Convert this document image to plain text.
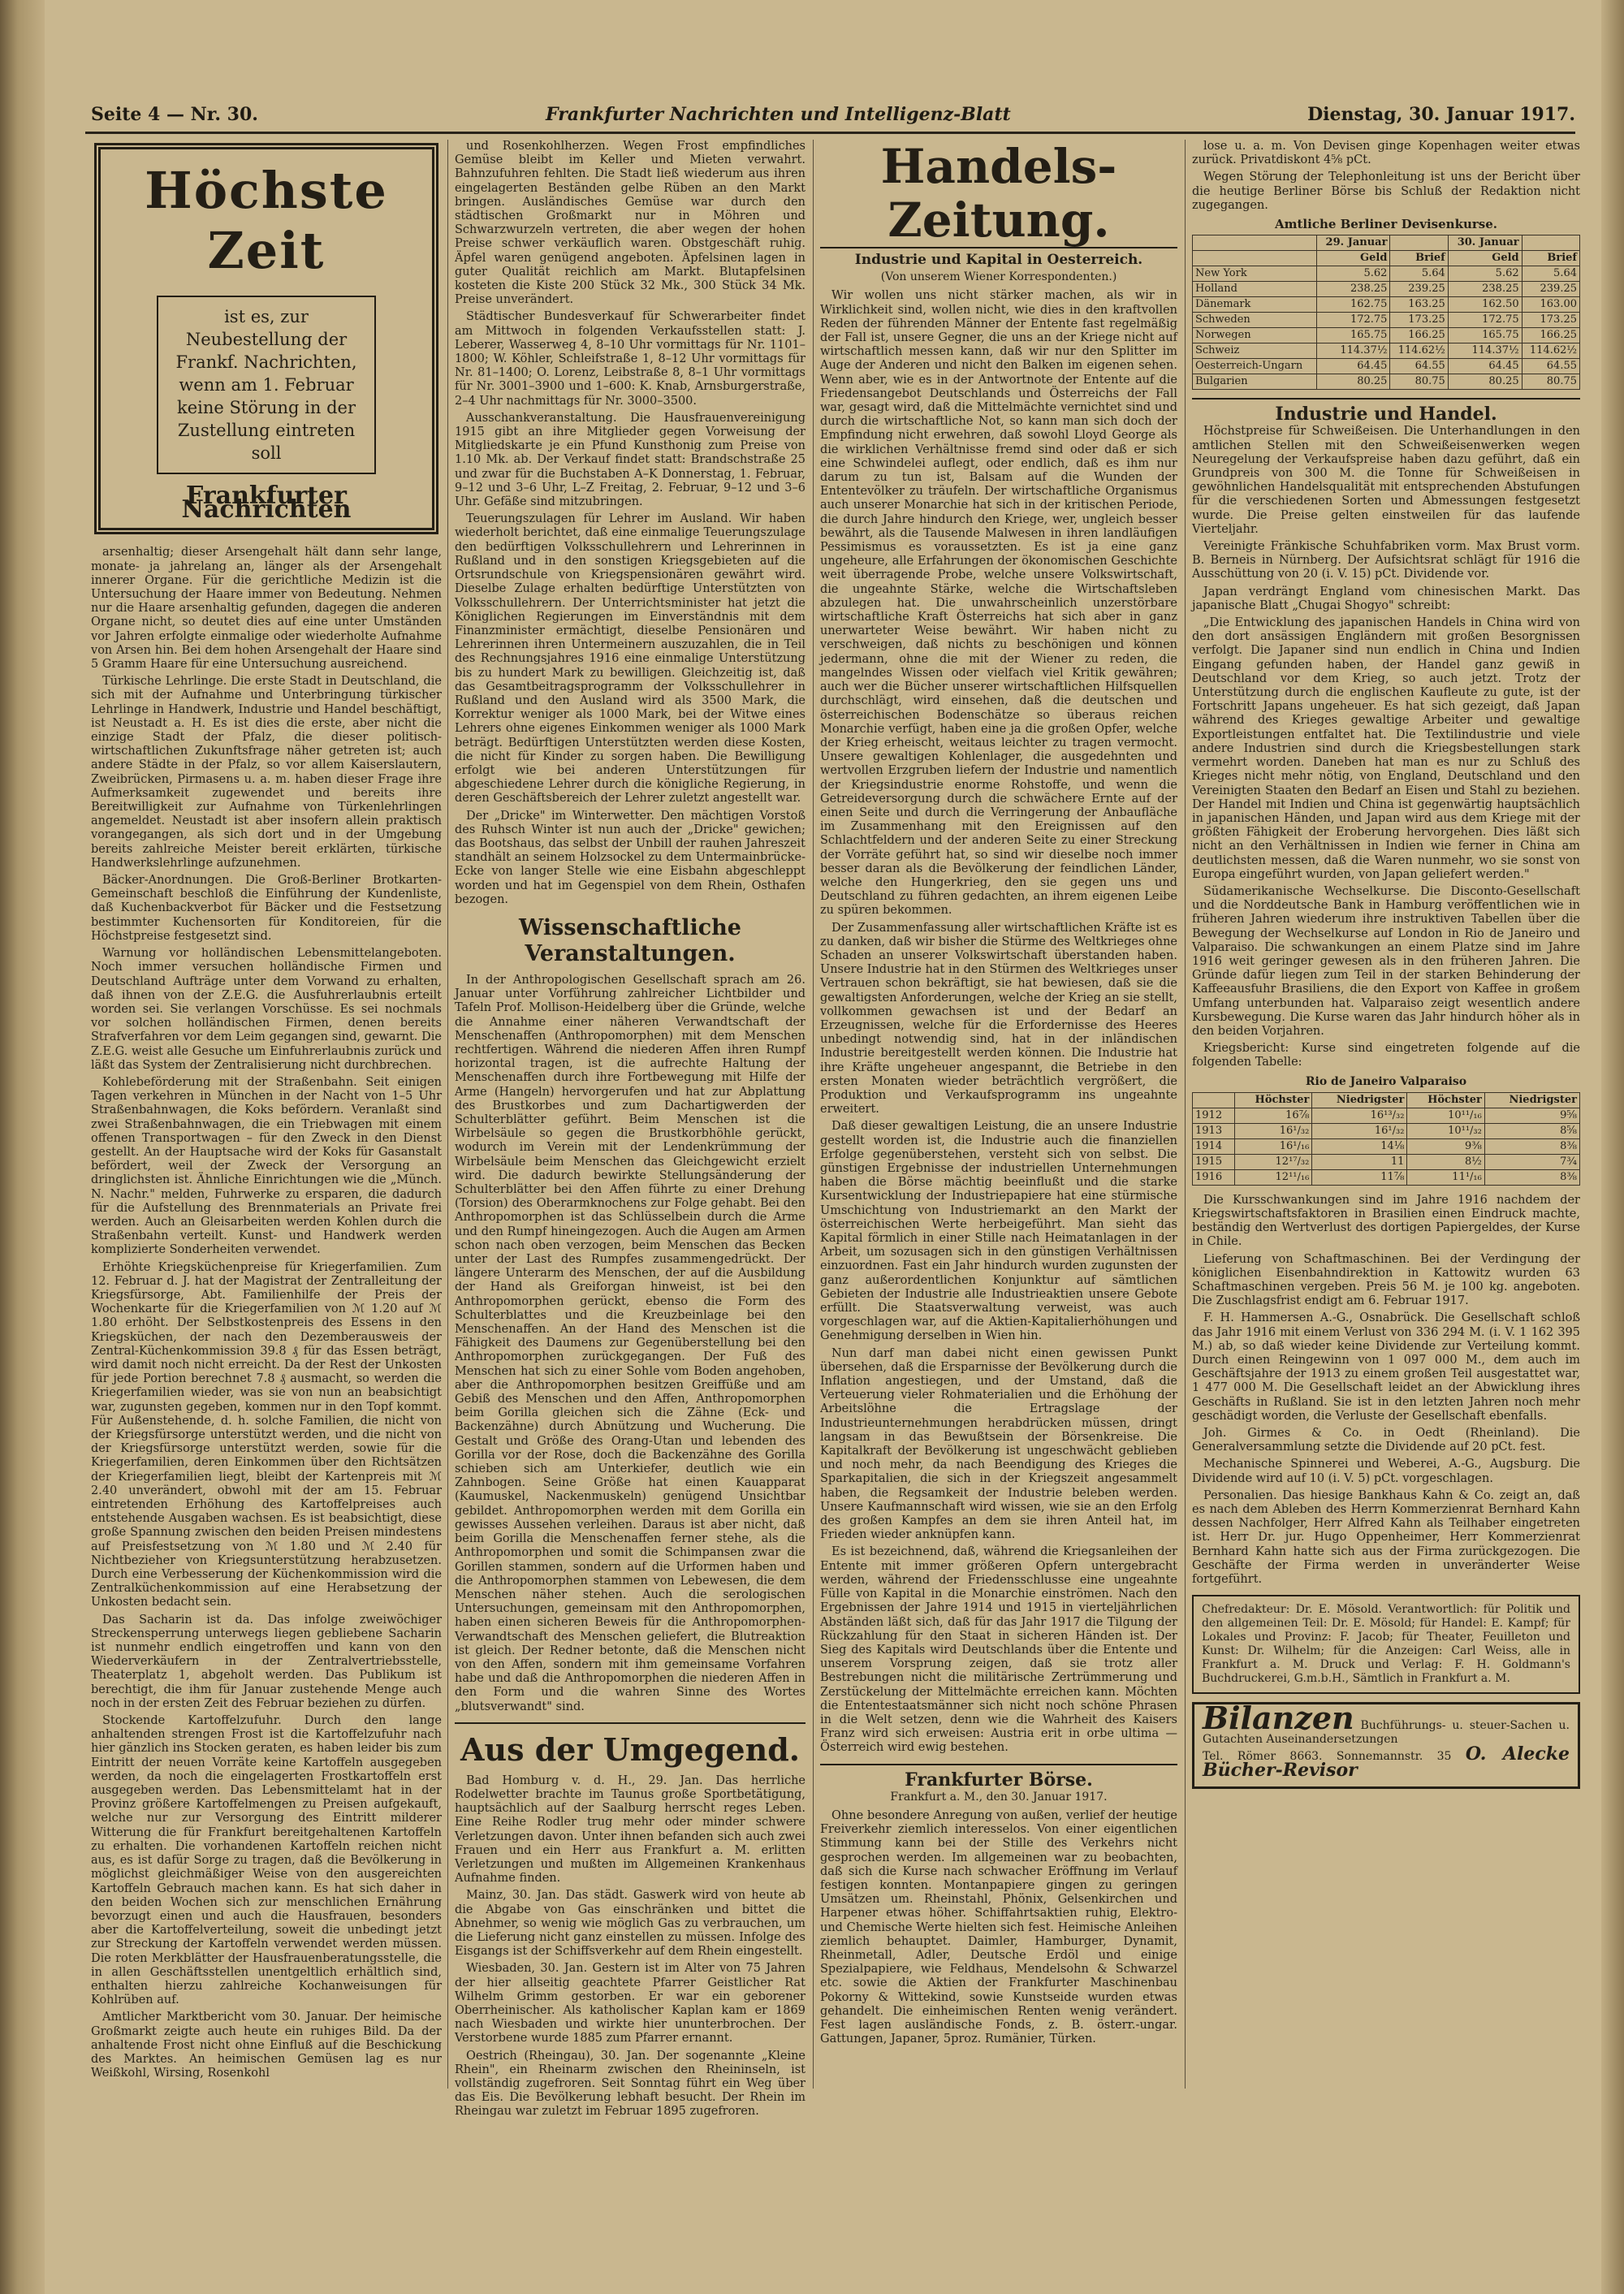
Seite 4 — Nr. 30.	Frankfurter Nachrichten und Intelligenz-Blatt	Dienstag, 30. Januar 1917.
Höchste Zeit
ist es, zur Neubestellung der Frankf. Nachrichten, wenn am 1. Februar keine Störung in der Zustellung eintreten soll
Frankfurter Nachrichten

arsenhaltig; dieser Arsengehalt hält dann sehr lange, monate- ja jahrelang an, länger als der Arsengehalt innerer Organe. Für die gerichtliche Medizin ist die Untersuchung der Haare immer von Bedeutung. Nehmen nur die Haare arsenhaltig gefunden, dagegen die anderen Organe nicht, so deutet dies auf eine unter Umständen vor Jahren erfolgte einmalige oder wiederholte Aufnahme von Arsen hin. Bei dem hohen Arsengehalt der Haare sind 5 Gramm Haare für eine Untersuchung ausreichend.

Türkische Lehrlinge. Die erste Stadt in Deutschland, die sich mit der Aufnahme und Unterbringung türkischer Lehrlinge in Handwerk, Industrie und Handel beschäftigt, ist Neustadt a. H. Es ist dies die erste, aber nicht die einzige Stadt der Pfalz, die dieser politisch-wirtschaftlichen Zukunftsfrage näher getreten ist; auch andere Städte in der Pfalz, so vor allem Kaiserslautern, Zweibrücken, Pirmasens u. a. m. haben dieser Frage ihre Aufmerksamkeit zugewendet und bereits ihre Bereitwilligkeit zur Aufnahme von Türkenlehrlingen angemeldet. Neustadt ist aber insofern allein praktisch vorangegangen, als sich dort und in der Umgebung bereits zahlreiche Meister bereit erklärten, türkische Handwerkslehrlinge aufzunehmen.

Bäcker-Anordnungen. Die Groß-Berliner Brotkarten-Gemeinschaft beschloß die Einführung der Kundenliste, daß Kuchenbackverbot für Bäcker und die Festsetzung bestimmter Kuchensorten für Konditoreien, für die Höchstpreise festgesetzt sind.

Warnung vor holländischen Lebensmittelangeboten. Noch immer versuchen holländische Firmen und Deutschland Aufträge unter dem Vorwand zu erhalten, daß ihnen von der Z.E.G. die Ausfuhrerlaubnis erteilt worden sei. Sie verlangen Vorschüsse. Es sei nochmals vor solchen holländischen Firmen, denen bereits Strafverfahren vor dem Leim gegangen sind, gewarnt. Die Z.E.G. weist alle Gesuche um Einfuhrerlaubnis zurück und läßt das System der Zentralisierung nicht durchbrechen.

Kohlebeförderung mit der Straßenbahn. Seit einigen Tagen verkehren in München in der Nacht von 1–5 Uhr Straßenbahnwagen, die Koks befördern. Veranlaßt sind zwei Straßenbahnwagen, die ein Triebwagen mit einem offenen Transportwagen – für den Zweck in den Dienst gestellt. An der Hauptsache wird der Koks für Gasanstalt befördert, weil der Zweck der Versorgung an dringlichsten ist. Ähnliche Einrichtungen wie die „Münch. N. Nachr." melden, Fuhrwerke zu ersparen, die dadurch für die Aufstellung des Brennmaterials an Private frei werden. Auch an Gleisarbeiten werden Kohlen durch die Straßenbahn verteilt. Kunst- und Handwerk werden komplizierte Sonderheiten verwendet.

Erhöhte Kriegsküchenpreise für Kriegerfamilien. Zum 12. Februar d. J. hat der Magistrat der Zentralleitung der Kriegsfürsorge, Abt. Familienhilfe der Preis der Wochenkarte für die Kriegerfamilien von ℳ 1.20 auf ℳ 1.80 erhöht. Der Selbstkostenpreis des Essens in den Kriegsküchen, der nach den Dezemberausweis der Zentral-Küchenkommission 39.8 ₰ für das Essen beträgt, wird damit noch nicht erreicht. Da der Rest der Unkosten für jede Portion berechnet 7.8 ₰ ausmacht, so werden die Kriegerfamilien wieder, was sie von nun an beabsichtigt war, zugunsten gegeben, kommen nur in den Topf kommt. Für Außenstehende, d. h. solche Familien, die nicht von der Kriegsfürsorge unterstützt werden, und die nicht von der Kriegsfürsorge unterstützt werden, sowie für die Kriegerfamilien, deren Einkommen über den Richtsätzen der Kriegerfamilien liegt, bleibt der Kartenpreis mit ℳ 2.40 unverändert, obwohl mit der am 15. Februar eintretenden Erhöhung des Kartoffelpreises auch entstehende Ausgaben wachsen. Es ist beabsichtigt, diese große Spannung zwischen den beiden Preisen mindestens auf Preisfestsetzung von ℳ 1.80 und ℳ 2.40 für Nichtbezieher von Kriegsunterstützung herabzusetzen. Durch eine Verbesserung der Küchenkommission wird die Zentralküchenkommission auf eine Herabsetzung der Unkosten bedacht sein.

Das Sacharin ist da. Das infolge zweiwöchiger Streckensperrung unterwegs liegen gebliebene Sacharin ist nunmehr endlich eingetroffen und kann von den Wiederverkäufern in der Zentralvertriebsstelle, Theaterplatz 1, abgeholt werden. Das Publikum ist berechtigt, die ihm für Januar zustehende Menge auch noch in der ersten Zeit des Februar beziehen zu dürfen.

Stockende Kartoffelzufuhr. Durch den lange anhaltenden strengen Frost ist die Kartoffelzufuhr nach hier gänzlich ins Stocken geraten, es haben leider bis zum Eintritt der neuen Vorräte keine Kartoffeln ausgegeben werden, da noch die eingelagerten Frostkartoffeln erst ausgegeben werden. Das Lebensmittelamt hat in der Provinz größere Kartoffelmengen zu Preisen aufgekauft, welche nur zur Versorgung des Eintritt milderer Witterung die für Frankfurt bereitgehaltenen Kartoffeln zu erhalten. Die vorhandenen Kartoffeln reichen nicht aus, es ist dafür Sorge zu tragen, daß die Bevölkerung in möglichst gleichmäßiger Weise von den ausgereichten Kartoffeln Gebrauch machen kann. Es hat sich daher in den beiden Wochen sich zur menschlichen Ernährung bevorzugt einen und auch die Hausfrauen, besonders aber die Kartoffelverteilung, soweit die unbedingt jetzt zur Streckung der Kartoffeln verwendet werden müssen. Die roten Merkblätter der Hausfrauenberatungsstelle, die in allen Geschäftsstellen unentgeltlich erhältlich sind, enthalten hierzu zahlreiche Kochanweisungen für Kohlrüben auf.

Amtlicher Marktbericht vom 30. Januar. Der heimische Großmarkt zeigte auch heute ein ruhiges Bild. Da der anhaltende Frost nicht ohne Einfluß auf die Beschickung des Marktes. An heimischen Gemüsen lag es nur Weißkohl, Wirsing, Rosenkohl

und Rosenkohlherzen. Wegen Frost empfindliches Gemüse bleibt im Keller und Mieten verwahrt. Bahnzufuhren fehlten. Die Stadt ließ wiederum aus ihren eingelagerten Beständen gelbe Rüben an den Markt bringen. Ausländisches Gemüse war durch den städtischen Großmarkt nur in Möhren und Schwarzwurzeln vertreten, die aber wegen der hohen Preise schwer verkäuflich waren. Obstgeschäft ruhig. Äpfel waren genügend angeboten. Äpfelsinen lagen in guter Qualität reichlich am Markt. Blutapfelsinen kosteten die Kiste 200 Stück 32 Mk., 300 Stück 34 Mk. Preise unverändert.

Städtischer Bundesverkauf für Schwerarbeiter findet am Mittwoch in folgenden Verkaufsstellen statt: J. Leberer, Wasserweg 4, 8–10 Uhr vormittags für Nr. 1101–1800; W. Köhler, Schleifstraße 1, 8–12 Uhr vormittags für Nr. 81–1400; O. Lorenz, Leibstraße 8, 8–1 Uhr vormittags für Nr. 3001–3900 und 1–600: K. Knab, Arnsburgerstraße, 2–4 Uhr nachmittags für Nr. 3000–3500.

Ausschankveranstaltung. Die Hausfrauenvereinigung 1915 gibt an ihre Mitglieder gegen Vorweisung der Mitgliedskarte je ein Pfund Kunsthonig zum Preise von 1.10 Mk. ab. Der Verkauf findet statt: Brandschstraße 25 und zwar für die Buchstaben A–K Donnerstag, 1. Februar, 9–12 und 3–6 Uhr, L–Z Freitag, 2. Februar, 9–12 und 3–6 Uhr. Gefäße sind mitzubringen.

Teuerungszulagen für Lehrer im Ausland. Wir haben wiederholt berichtet, daß eine einmalige Teuerungszulage den bedürftigen Volksschullehrern und Lehrerinnen in Rußland und in den sonstigen Kriegsgebieten auf die Ortsrundschule von Kriegspensionären gewährt wird. Dieselbe Zulage erhalten bedürftige Unterstützten von Volksschullehrern. Der Unterrichtsminister hat jetzt die Königlichen Regierungen im Einverständnis mit dem Finanzminister ermächtigt, dieselbe Pensionären und Lehrerinnen ihren Untermeinern auszuzahlen, die in Teil des Rechnungsjahres 1916 eine einmalige Unterstützung bis zu hundert Mark zu bewilligen. Gleichzeitig ist, daß das Gesamtbeitragsprogramm der Volksschullehrer in Rußland und den Ausland wird als 3500 Mark, die Korrektur weniger als 1000 Mark, bei der Witwe eines Lehrers ohne eigenes Einkommen weniger als 1000 Mark beträgt. Bedürftigen Unterstützten werden diese Kosten, die nicht für Kinder zu sorgen haben. Die Bewilligung erfolgt wie bei anderen Unterstützungen für abgeschiedene Lehrer durch die königliche Regierung, in deren Geschäftsbereich der Lehrer zuletzt angestellt war.

Der „Dricke" im Winterwetter. Den mächtigen Vorstoß des Ruhsch Winter ist nun auch der „Dricke" gewichen; das Bootshaus, das selbst der Unbill der rauhen Jahreszeit standhält an seinem Holzsockel zu dem Untermainbrücke-Ecke von langer Stelle wie eine Eisbahn abgeschleppt worden und hat im Gegenspiel von dem Rhein, Osthafen bezogen.

Wissenschaftliche Veranstaltungen.

In der Anthropologischen Gesellschaft sprach am 26. Januar unter Vorführung zahlreicher Lichtbilder und Tafeln Prof. Mollison-Heidelberg über die Gründe, welche die Annahme einer näheren Verwandtschaft der Menschenaffen (Anthropomorphen) mit dem Menschen rechtfertigen. Während die niederen Affen ihren Rumpf horizontal tragen, ist die aufrechte Haltung der Menschenaffen durch ihre Fortbewegung mit Hilfe der Arme (Hangeln) hervorgerufen und hat zur Abplattung des Brustkorbes und zum Dachartigwerden der Schulterblätter geführt. Beim Menschen ist die Wirbelsäule so gegen die Brustkorbhöhle gerückt, wodurch im Verein mit der Lendenkrümmung der Wirbelsäule beim Menschen das Gleichgewicht erzielt wird. Die dadurch bewirkte Stellungsänderung der Schulterblätter bei den Affen führte zu einer Drehung (Torsion) des Oberarmknochens zur Folge gehabt. Bei den Anthropomorphen ist das Schlüsselbein durch die Arme und den Rumpf hineingezogen. Auch die Augen am Armen schon nach oben verzogen, beim Menschen das Becken unter der Last des Rumpfes zusammengedrückt. Der längere Unterarm des Menschen, der auf die Ausbildung der Hand als Greiforgan hinweist, ist bei den Anthropomorphen gerückt, ebenso die Form des Schulterblattes und die Kreuzbeinlage bei den Menschenaffen. An der Hand des Menschen ist die Fähigkeit des Daumens zur Gegenüberstellung bei den Anthropomorphen zurückgegangen. Der Fuß des Menschen hat sich zu einer Sohle vom Boden angehoben, aber die Anthropomorphen besitzen Greiffüße und am Gebiß des Menschen und den Affen, Anthropomorphen beim Gorilla gleichen sich die Zähne (Eck- und Backenzähne) durch Abnützung und Wucherung. Die Gestalt und Größe des Orang-Utan und lebenden des Gorilla vor der Rose, doch die Backenzähne des Gorilla schieben sich am Unterkiefer, deutlich wie ein Zahnbogen. Seine Größe hat einen Kauapparat (Kaumuskel, Nackenmuskeln) genügend Unsichtbar gebildet. Anthropomorphen werden mit dem Gorilla ein gewisses Aussehen verleihen. Daraus ist aber nicht, daß beim Gorilla die Menschenaffen ferner stehe, als die Anthropomorphen und somit die Schimpansen zwar die Gorillen stammen, sondern auf die Urformen haben und die Anthropomorphen stammen von Lebewesen, die dem Menschen näher stehen. Auch die serologischen Untersuchungen, gemeinsam mit den Anthropomorphen, haben einen sicheren Beweis für die Anthropomorphen-Verwandtschaft des Menschen geliefert, die Blutreaktion ist gleich. Der Redner betonte, daß die Menschen nicht von den Affen, sondern mit ihm gemeinsame Vorfahren habe und daß die Anthropomorphen die niederen Affen in den Form und die wahren Sinne des Wortes „blutsverwandt" sind.

Aus der Umgegend.

Bad Homburg v. d. H., 29. Jan. Das herrliche Rodelwetter brachte im Taunus große Sportbetätigung, hauptsächlich auf der Saalburg herrscht reges Leben. Eine Reihe Rodler trug mehr oder minder schwere Verletzungen davon. Unter ihnen befanden sich auch zwei Frauen und ein Herr aus Frankfurt a. M. erlitten Verletzungen und mußten im Allgemeinen Krankenhaus Aufnahme finden.

Mainz, 30. Jan. Das städt. Gaswerk wird von heute ab die Abgabe von Gas einschränken und bittet die Abnehmer, so wenig wie möglich Gas zu verbrauchen, um die Lieferung nicht ganz einstellen zu müssen. Infolge des Eisgangs ist der Schiffsverkehr auf dem Rhein eingestellt.

Wiesbaden, 30. Jan. Gestern ist im Alter von 75 Jahren der hier allseitig geachtete Pfarrer Geistlicher Rat Wilhelm Grimm gestorben. Er war ein geborener Oberrheinischer. Als katholischer Kaplan kam er 1869 nach Wiesbaden und wirkte hier ununterbrochen. Der Verstorbene wurde 1885 zum Pfarrer ernannt.

Oestrich (Rheingau), 30. Jan. Der sogenannte „Kleine Rhein", ein Rheinarm zwischen den Rheininseln, ist vollständig zugefroren. Seit Sonntag führt ein Weg über das Eis. Die Bevölkerung lebhaft besucht. Der Rhein im Rheingau war zuletzt im Februar 1895 zugefroren.

Handels-Zeitung.
Industrie und Kapital in Oesterreich.
(Von unserem Wiener Korrespondenten.)

Wir wollen uns nicht stärker machen, als wir in Wirklichkeit sind, wollen nicht, wie dies in den kraftvollen Reden der führenden Männer der Entente fast regelmäßig der Fall ist, unsere Gegner, die uns an der Kriege nicht auf wirtschaftlich messen kann, daß wir nur den Splitter im Auge der Anderen und nicht den Balken im eigenen sehen. Wenn aber, wie es in der Antwortnote der Entente auf die Friedensangebot Deutschlands und Österreichs der Fall war, gesagt wird, daß die Mittelmächte vernichtet sind und durch die wirtschaftliche Not, so kann man sich doch der Empfindung nicht erwehren, daß sowohl Lloyd George als die wirklichen Verhältnisse fremd sind oder daß er sich eine Schwindelei auflegt, oder endlich, daß es ihm nur darum zu tun ist, Balsam auf die Wunden der Ententevölker zu träufeln. Der wirtschaftliche Organismus auch unserer Monarchie hat sich in der kritischen Periode, die durch Jahre hindurch den Kriege, wer, ungleich besser bewährt, als die Tausende Malwesen in ihren landläufigen Pessimismus es voraussetzten. Es ist ja eine ganz ungeheure, alle Erfahrungen der ökonomischen Geschichte weit überragende Probe, welche unsere Volkswirtschaft, die ungeahnte Stärke, welche die Wirtschaftsleben abzulegen hat. Die unwahrscheinlich unzerstörbare wirtschaftliche Kraft Österreichs hat sich aber in ganz unerwarteter Weise bewährt. Wir haben nicht zu verschweigen, daß nichts zu beschönigen und können jedermann, ohne die mit der Wiener zu reden, die mangelndes Wissen oder vielfach viel Kritik gewähren; auch wer die Bücher unserer wirtschaftlichen Hilfsquellen durchschlägt, wird einsehen, daß die deutschen und österreichischen Bodenschätze so überaus reichen Monarchie verfügt, haben eine ja die großen Opfer, welche der Krieg erheischt, weitaus leichter zu tragen vermocht. Unsere gewaltigen Kohlenlager, die ausgedehnten und wertvollen Erzgruben liefern der Industrie und namentlich der Kriegsindustrie enorme Rohstoffe, und wenn die Getreideversorgung durch die schwächere Ernte auf der einen Seite und durch die Verringerung der Anbaufläche im Zusammenhang mit den Ereignissen auf den Schlachtfeldern und der anderen Seite zu einer Streckung der Vorräte geführt hat, so sind wir dieselbe noch immer besser daran als die Bevölkerung der feindlichen Länder, welche den Hungerkrieg, den sie gegen uns und Deutschland zu führen gedachten, an ihrem eigenen Leibe zu spüren bekommen.

Der Zusammenfassung aller wirtschaftlichen Kräfte ist es zu danken, daß wir bisher die Stürme des Weltkrieges ohne Schaden an unserer Volkswirtschaft überstanden haben. Unsere Industrie hat in den Stürmen des Weltkrieges unser Vertrauen schon bekräftigt, sie hat bewiesen, daß sie die gewaltigsten Anforderungen, welche der Krieg an sie stellt, vollkommen gewachsen ist und der Bedarf an Erzeugnissen, welche für die Erfordernisse des Heeres unbedingt notwendig sind, hat in der inländischen Industrie bereitgestellt werden können. Die Industrie hat ihre Kräfte ungeheuer angespannt, die Betriebe in den ersten Monaten wieder beträchtlich vergrößert, die Produktion und Verkaufsprogramm ins ungeahnte erweitert.

Daß dieser gewaltigen Leistung, die an unsere Industrie gestellt worden ist, die Industrie auch die finanziellen Erfolge gegenüberstehen, versteht sich von selbst. Die günstigen Ergebnisse der industriellen Unternehmungen haben die Börse mächtig beeinflußt und die starke Kursentwicklung der Industriepapiere hat eine stürmische Umschichtung von Industriemarkt an den Markt der österreichischen Werte herbeigeführt. Man sieht das Kapital förmlich in einer Stille nach Heimatanlagen in der Arbeit, um sozusagen sich in den günstigen Verhältnissen einzuordnen. Fast ein Jahr hindurch wurden zugunsten der ganz außerordentlichen Konjunktur auf sämtlichen Gebieten der Industrie alle Industrieaktien unsere Gebote erfüllt. Die Staatsverwaltung verweist, was auch vorgeschlagen war, auf die Aktien-Kapitalierhöhungen und Genehmigung derselben in Wien hin.

Nun darf man dabei nicht einen gewissen Punkt übersehen, daß die Ersparnisse der Bevölkerung durch die Inflation angestiegen, und der Umstand, daß die Verteuerung vieler Rohmaterialien und die Erhöhung der Arbeitslöhne die Ertragslage der Industrieunternehmungen herabdrücken müssen, dringt langsam in das Bewußtsein der Börsenkreise. Die Kapitalkraft der Bevölkerung ist ungeschwächt geblieben und noch mehr, da nach Beendigung des Krieges die Sparkapitalien, die sich in der Kriegszeit angesammelt haben, die Regsamkeit der Industrie beleben werden. Unsere Kaufmannschaft wird wissen, wie sie an den Erfolg des großen Kampfes an dem sie ihren Anteil hat, im Frieden wieder anknüpfen kann.

Es ist bezeichnend, daß, während die Kriegsanleihen der Entente mit immer größeren Opfern untergebracht werden, während der Friedensschlusse eine ungeahnte Fülle von Kapital in die Monarchie einströmen. Nach den Ergebnissen der Jahre 1914 und 1915 in vierteljährlichen Abständen läßt sich, daß für das Jahr 1917 die Tilgung der Rückzahlung für den Staat in sicheren Händen ist. Der Sieg des Kapitals wird Deutschlands über die Entente und unserem Vorsprung zeigen, daß sie trotz aller Bestrebungen nicht die militärische Zertrümmerung und Zerstückelung der Mittelmächte erreichen kann. Möchten die Ententestaatsmänner sich nicht noch schöne Phrasen in die Welt setzen, denn wie die Wahrheit des Kaisers Franz wird sich erweisen: Austria erit in orbe ultima — Österreich wird ewig bestehen.

Frankfurter Börse.
Frankfurt a. M., den 30. Januar 1917.

Ohne besondere Anregung von außen, verlief der heutige Freiverkehr ziemlich interesselos. Von einer eigentlichen Stimmung kann bei der Stille des Verkehrs nicht gesprochen werden. Im allgemeinen war zu beobachten, daß sich die Kurse nach schwacher Eröffnung im Verlauf festigen konnten. Montanpapiere gingen zu geringen Umsätzen um. Rheinstahl, Phönix, Gelsenkirchen und Harpener etwas höher. Schiffahrtsaktien ruhig, Elektro- und Chemische Werte hielten sich fest. Heimische Anleihen ziemlich behauptet. Daimler, Hamburger, Dynamit, Rheinmetall, Adler, Deutsche Erdöl und einige Spezialpapiere, wie Feldhaus, Mendelsohn & Schwarzel etc. sowie die Aktien der Frankfurter Maschinenbau Pokorny & Wittekind, sowie Kunstseide wurden etwas gehandelt. Die einheimischen Renten wenig verändert. Fest lagen ausländische Fonds, z. B. österr.-ungar. Gattungen, Japaner, 5proz. Rumänier, Türken.

lose u. a. m. Von Devisen ginge Kopenhagen weiter etwas zurück. Privatdiskont 4⅝ pCt.

Wegen Störung der Telephonleitung ist uns der Bericht über die heutige Berliner Börse bis Schluß der Redaktion nicht zugegangen.

Amtliche Berliner Devisenkurse.
	29. Januar		30. Januar	
	Geld	Brief	Geld	Brief
New York	5.62	5.64	5.62	5.64
Holland	238.25	239.25	238.25	239.25
Dänemark	162.75	163.25	162.50	163.00
Schweden	172.75	173.25	172.75	173.25
Norwegen	165.75	166.25	165.75	166.25
Schweiz	114.37½	114.62½	114.37½	114.62½
Oesterreich-Ungarn	64.45	64.55	64.45	64.55
Bulgarien	80.25	80.75	80.25	80.75
Industrie und Handel.

Höchstpreise für Schweißeisen. Die Unterhandlungen in den amtlichen Stellen mit den Schweißeisenwerken wegen Neuregelung der Verkaufspreise haben dazu geführt, daß ein Grundpreis von 300 M. die Tonne für Schweißeisen in gewöhnlichen Handelsqualität mit entsprechenden Abstufungen für die verschiedenen Sorten und Abmessungen festgesetzt wurde. Die Preise gelten einstweilen für das laufende Vierteljahr.

Vereinigte Fränkische Schuhfabriken vorm. Max Brust vorm. B. Berneis in Nürnberg. Der Aufsichtsrat schlägt für 1916 die Ausschüttung von 20 (i. V. 15) pCt. Dividende vor.

Japan verdrängt England vom chinesischen Markt. Das japanische Blatt „Chugai Shogyo" schreibt:

„Die Entwicklung des japanischen Handels in China wird von den dort ansässigen Engländern mit großen Besorgnissen verfolgt. Die Japaner sind nun endlich in China und Indien Eingang gefunden haben, der Handel ganz gewiß in Deutschland vor dem Krieg, so auch jetzt. Trotz der Unterstützung durch die englischen Kaufleute zu gute, ist der Fortschritt Japans ungeheuer. Es hat sich gezeigt, daß Japan während des Krieges gewaltige Arbeiter und gewaltige Exportleistungen entfaltet hat. Die Textilindustrie und viele andere Industrien sind durch die Kriegsbestellungen stark vermehrt worden. Daneben hat man es nur zu Schluß des Krieges nicht mehr nötig, von England, Deutschland und den Vereinigten Staaten den Bedarf an Eisen und Stahl zu beziehen. Der Handel mit Indien und China ist gegenwärtig hauptsächlich in japanischen Händen, und Japan wird aus dem Kriege mit der größten Fähigkeit der Eroberung hervorgehen. Dies läßt sich nicht an den Verhältnissen in Indien wie ferner in China am deutlichsten messen, daß die Waren nunmehr, wo sie sonst von Europa eingeführt wurden, von Japan geliefert werden."

Südamerikanische Wechselkurse. Die Disconto-Gesellschaft und die Norddeutsche Bank in Hamburg veröffentlichen wie in früheren Jahren wiederum ihre instruktiven Tabellen über die Bewegung der Wechselkurse auf London in Rio de Janeiro und Valparaiso. Die schwankungen an einem Platze sind im Jahre 1916 weit geringer gewesen als in den früheren Jahren. Die Gründe dafür liegen zum Teil in der starken Behinderung der Kaffeeausfuhr Brasiliens, die den Export von Kaffee in großem Umfang unterbunden hat. Valparaiso zeigt wesentlich andere Kursbewegung. Die Kurse waren das Jahr hindurch höher als in den beiden Vorjahren.

Kriegsbericht: Kurse sind eingetreten folgende auf die folgenden Tabelle:

Rio de Janeiro Valparaiso
	Höchster	Niedrigster	Höchster	Niedrigster
1912	16⅞	16¹³/₃₂	10¹¹/₁₆	9⅝
1913	16¹/₃₂	16¹/₃₂	10¹¹/₃₂	8⅝
1914	16¹/₁₆	14⅛	9⅜	8⅜
1915	12¹⁷/₃₂	11	8½	7¾
1916	12¹¹/₁₆	11⅞	11¹/₁₆	8⅜

Die Kursschwankungen sind im Jahre 1916 nachdem der Kriegswirtschaftsfaktoren in Brasilien einen Eindruck machte, beständig den Wertverlust des dortigen Papiergeldes, der Kurse in Chile.

Lieferung von Schaftmaschinen. Bei der Verdingung der königlichen Eisenbahndirektion in Kattowitz wurden 63 Schaftmaschinen vergeben. Preis 56 M. je 100 kg. angeboten. Die Zuschlagsfrist endigt am 6. Februar 1917.

F. H. Hammersen A.-G., Osnabrück. Die Gesellschaft schloß das Jahr 1916 mit einem Verlust von 336 294 M. (i. V. 1 162 395 M.) ab, so daß wieder keine Dividende zur Verteilung kommt. Durch einen Reingewinn von 1 097 000 M., dem auch im Geschäftsjahre der 1913 zu einem großen Teil ausgestattet war, 1 477 000 M. Die Gesellschaft leidet an der Abwicklung ihres Geschäfts in Rußland. Sie ist in den letzten Jahren noch mehr geschädigt worden, die Verluste der Gesellschaft ebenfalls.

Joh. Girmes & Co. in Oedt (Rheinland). Die Generalversammlung setzte die Dividende auf 20 pCt. fest.

Mechanische Spinnerei und Weberei, A.-G., Augsburg. Die Dividende wird auf 10 (i. V. 5) pCt. vorgeschlagen.

Personalien. Das hiesige Bankhaus Kahn & Co. zeigt an, daß es nach dem Ableben des Herrn Kommerzienrat Bernhard Kahn dessen Nachfolger, Herr Alfred Kahn als Teilhaber eingetreten ist. Herr Dr. jur. Hugo Oppenheimer, Herr Kommerzienrat Bernhard Kahn hatte sich aus der Firma zurückgezogen. Die Geschäfte der Firma werden in unveränderter Weise fortgeführt.

Chefredakteur: Dr. E. Mösold. Verantwortlich: für Politik und den allgemeinen Teil: Dr. E. Mösold; für Handel: E. Kampf; für Lokales und Provinz: F. Jacob; für Theater, Feuilleton und Kunst: Dr. Wilhelm; für die Anzeigen: Carl Weiss, alle in Frankfurt a. M. Druck und Verlag: F. H. Goldmann's Buchdruckerei, G.m.b.H., Sämtlich in Frankfurt a. M.
Bilanzen Buchführungs- u. steuer-Sachen u. Gutachten Auseinandersetzungen
Tel. Römer 8663. Sonnemannstr. 35 O. Alecke Bücher-Revisor
